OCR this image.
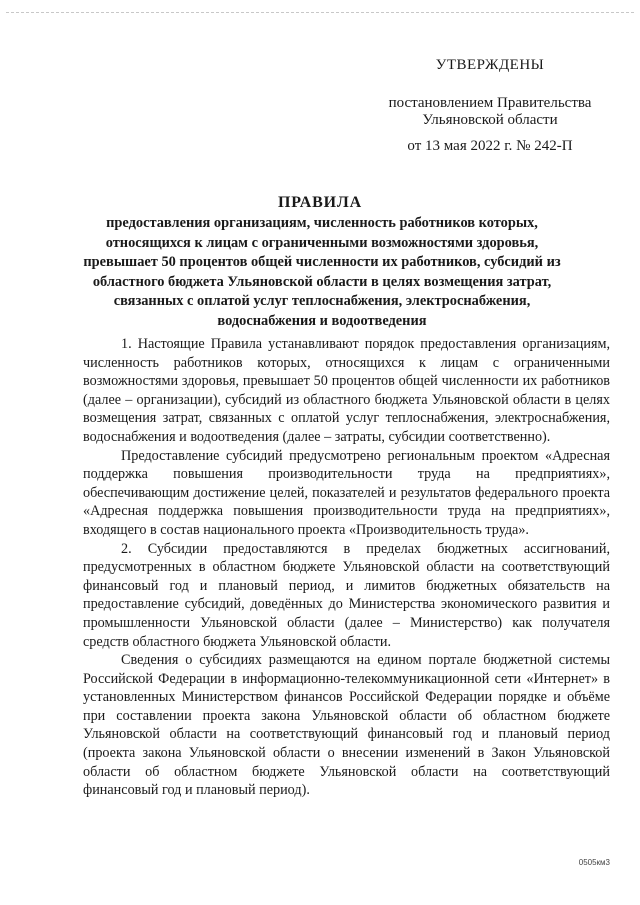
УТВЕРЖДЕНЫ
постановлением Правительства
Ульяновской области
от 13 мая 2022 г. № 242-П
ПРАВИЛА
предоставления организациям, численность работников которых, относящихся к лицам с ограниченными возможностями здоровья, превышает 50 процентов общей численности их работников, субсидий из областного бюджета Ульяновской области в целях возмещения затрат, связанных с оплатой услуг теплоснабжения, электроснабжения, водоснабжения и водоотведения

1. Настоящие Правила устанавливают порядок предоставления организациям, численность работников которых, относящихся к лицам с ограниченными возможностями здоровья, превышает 50 процентов общей численности их работников (далее – организации), субсидий из областного бюджета Ульяновской области в целях возмещения затрат, связанных с оплатой услуг теплоснабжения, электроснабжения, водоснабжения и водоотведения (далее – затраты, субсидии соответственно).

Предоставление субсидий предусмотрено региональным проектом «Адресная поддержка повышения производительности труда на предприятиях», обеспечивающим достижение целей, показателей и результатов федерального проекта «Адресная поддержка повышения производительности труда на предприятиях», входящего в состав национального проекта «Производительность труда».

2. Субсидии предоставляются в пределах бюджетных ассигнований, предусмотренных в областном бюджете Ульяновской области на соответствующий финансовый год и плановый период, и лимитов бюджетных обязательств на предоставление субсидий, доведённых до Министерства экономического развития и промышленности Ульяновской области (далее – Министерство) как получателя средств областного бюджета Ульяновской области.

Сведения о субсидиях размещаются на едином портале бюджетной системы Российской Федерации в информационно-телекоммуникационной сети «Интернет» в установленных Министерством финансов Российской Федерации порядке и объёме при составлении проекта закона Ульяновской области об областном бюджете Ульяновской области на соответствующий финансовый год и плановый период (проекта закона Ульяновской области о внесении изменений в Закон Ульяновской области об областном бюджете Ульяновской области на соответствующий финансовый год и плановый период).

0505км3
